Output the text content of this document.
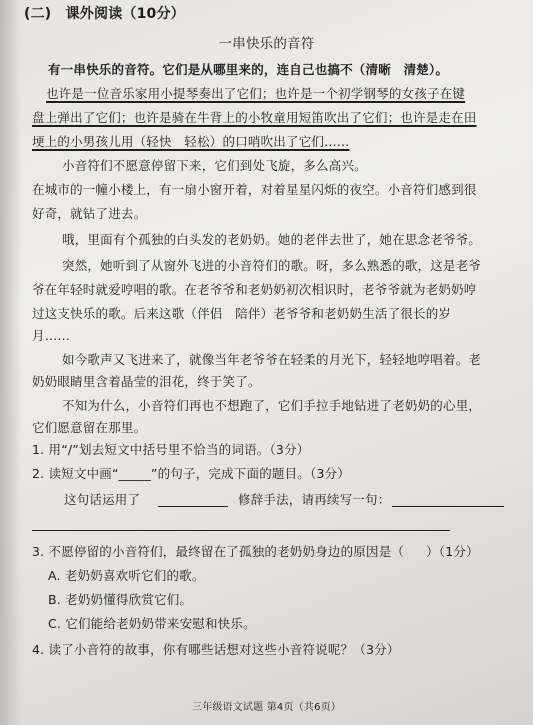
(二)　课外阅读（10分）
一串快乐的音符
有一串快乐的音符。它们是从哪里来的，连自己也搞不（清晰　清楚）。
也许是一位音乐家用小提琴奏出了它们；也许是一个初学钢琴的女孩子在键
盘上弹出了它们；也许是骑在牛背上的小牧童用短笛吹出了它们；也许是走在田
埂上的小男孩儿用（轻快　轻松）的口哨吹出了它们……
小音符们不愿意停留下来，它们到处飞旋，多么高兴。
在城市的一幢小楼上，有一扇小窗开着，对着星星闪烁的夜空。小音符们感到很
好奇，就钻了进去。
哦，里面有个孤独的白头发的老奶奶。她的老伴去世了，她在思念老爷爷。
突然，她听到了从窗外飞进的小音符们的歌。呀，多么熟悉的歌，这是老爷
爷在年轻时就爱哼唱的歌。在老爷爷和老奶奶初次相识时，老爷爷就为老奶奶哼
过这支快乐的歌。后来这歌（伴侣　陪伴）老爷爷和老奶奶生活了很长的岁
月……
如今歌声又飞进来了，就像当年老爷爷在轻柔的月光下，轻轻地哼唱着。老
奶奶眼睛里含着晶莹的泪花，终于笑了。
不知为什么，小音符们再也不想跑了，它们手拉手地钻进了老奶奶的心里，
它们愿意留在那里。
1. 用“/”划去短文中括号里不恰当的词语。（3分）
2. 读短文中画“_____”的句子，完成下面的题目。（3分）
这句话运用了	修辞手法，请再续写一句：
3. 不愿停留的小音符们，最终留在了孤独的老奶奶身边的原因是（ ）（1分）
A. 老奶奶喜欢听它们的歌。
B. 老奶奶懂得欣赏它们。
C. 它们能给老奶奶带来安慰和快乐。
4. 读了小音符的故事，你有哪些话想对这些小音符说呢？（3分）
三年级语文试题 第4页（共6页）
